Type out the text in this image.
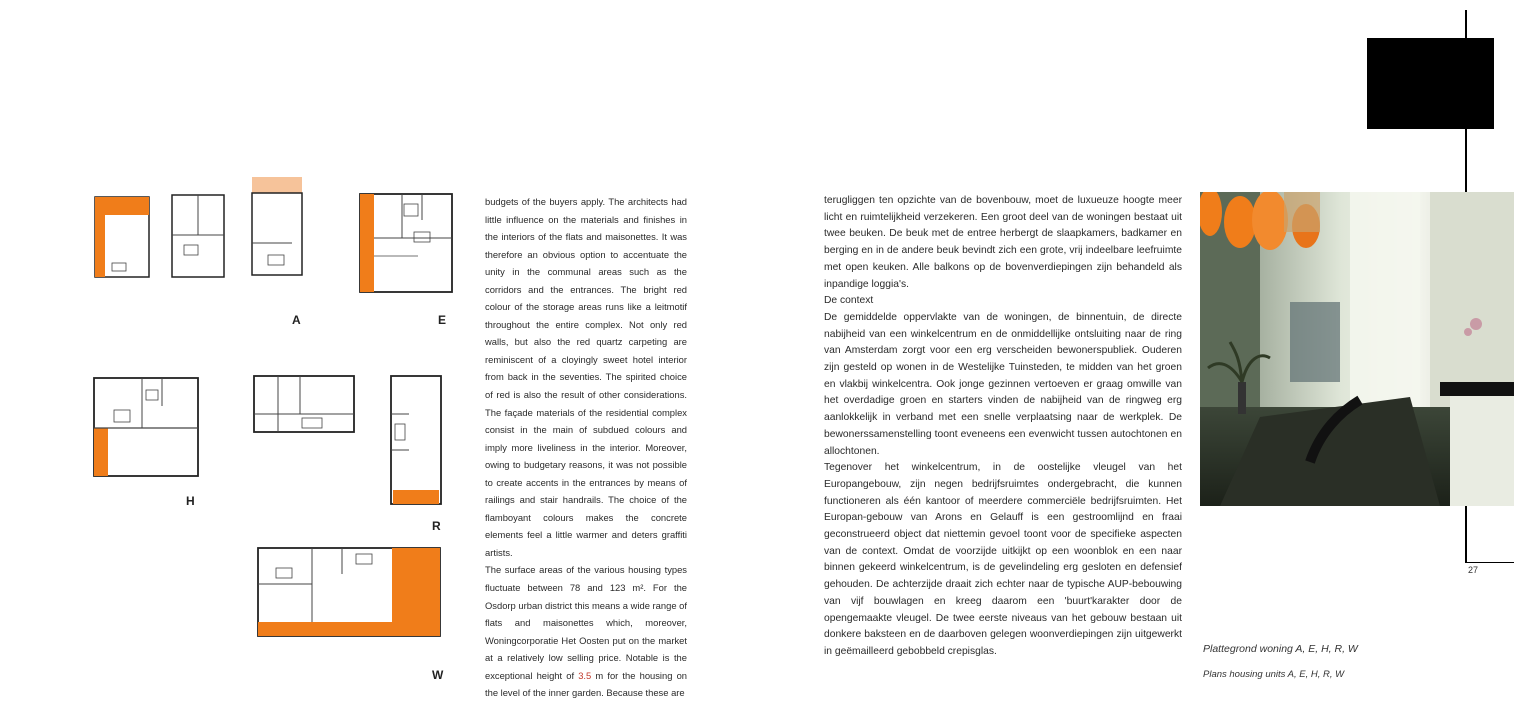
A	E
H
R
W

budgets of the buyers apply. The architects had little influence on the materials and finishes in the interiors of the flats and maisonettes. It was therefore an obvious option to accentuate the unity in the communal areas such as the corridors and the entrances. The bright red colour of the storage areas runs like a leitmotif throughout the entire complex. Not only red walls, but also the red quartz carpeting are reminiscent of a cloyingly sweet hotel interior from back in the seventies. The spirited choice of red is also the result of other considerations. The façade materials of the residential complex consist in the main of subdued colours and imply more liveliness in the interior. Moreover, owing to budgetary reasons, it was not possible to create accents in the entrances by means of railings and stair handrails. The choice of the flamboyant colours makes the concrete elements feel a little warmer and deters graffiti artists.

The surface areas of the various housing types fluctuate between 78 and 123 m². For the Osdorp urban district this means a wide range of flats and maisonettes which, moreover, Woningcorporatie Het Oosten put on the market at a relatively low selling price. Notable is the exceptional height of 3.5 m for the housing on the level of the inner garden. Because these are

terugliggen ten opzichte van de bovenbouw, moet de luxueuze hoogte meer licht en ruimtelijkheid verzekeren. Een groot deel van de woningen bestaat uit twee beuken. De beuk met de entree herbergt de slaapkamers, badkamer en berging en in de andere beuk bevindt zich een grote, vrij indeelbare leefruimte met open keuken. Alle balkons op de bovenverdiepingen zijn behandeld als inpandige loggia's.

De context

De gemiddelde oppervlakte van de woningen, de binnentuin, de directe nabijheid van een winkelcentrum en de onmiddellijke ontsluiting naar de ring van Amsterdam zorgt voor een erg verscheiden bewonerspubliek. Ouderen zijn gesteld op wonen in de Westelijke Tuinsteden, te midden van het groen en vlakbij winkelcentra. Ook jonge gezinnen vertoeven er graag omwille van het overdadige groen en starters vinden de nabijheid van de ringweg erg aanlokkelijk in verband met een snelle verplaatsing naar de werkplek. De bewonerssamenstelling toont eveneens een evenwicht tussen autochtonen en allochtonen.

Tegenover het winkelcentrum, in de oostelijke vleugel van het Europangebouw, zijn negen bedrijfsruimtes ondergebracht, die kunnen functioneren als één kantoor of meerdere commerciële bedrijfsruimten. Het Europan-gebouw van Arons en Gelauff is een gestroomlijnd en fraai geconstrueerd object dat niettemin gevoel toont voor de specifieke aspecten van de context. Omdat de voorzijde uitkijkt op een woonblok en een naar binnen gekeerd winkelcentrum, is de gevelindeling erg gesloten en defensief gehouden. De achterzijde draait zich echter naar de typische AUP-bebouwing van vijf bouwlagen en kreeg daarom een 'buurt'karakter door de opengemaakte vleugel. De twee eerste niveaus van het gebouw bestaan uit donkere baksteen en de daarboven gelegen woonverdiepingen zijn uitgewerkt in geëmailleerd gebobbeld crepisglas.

27
Plattegrond woning A, E, H, R, W
Plans housing units A, E, H, R, W
